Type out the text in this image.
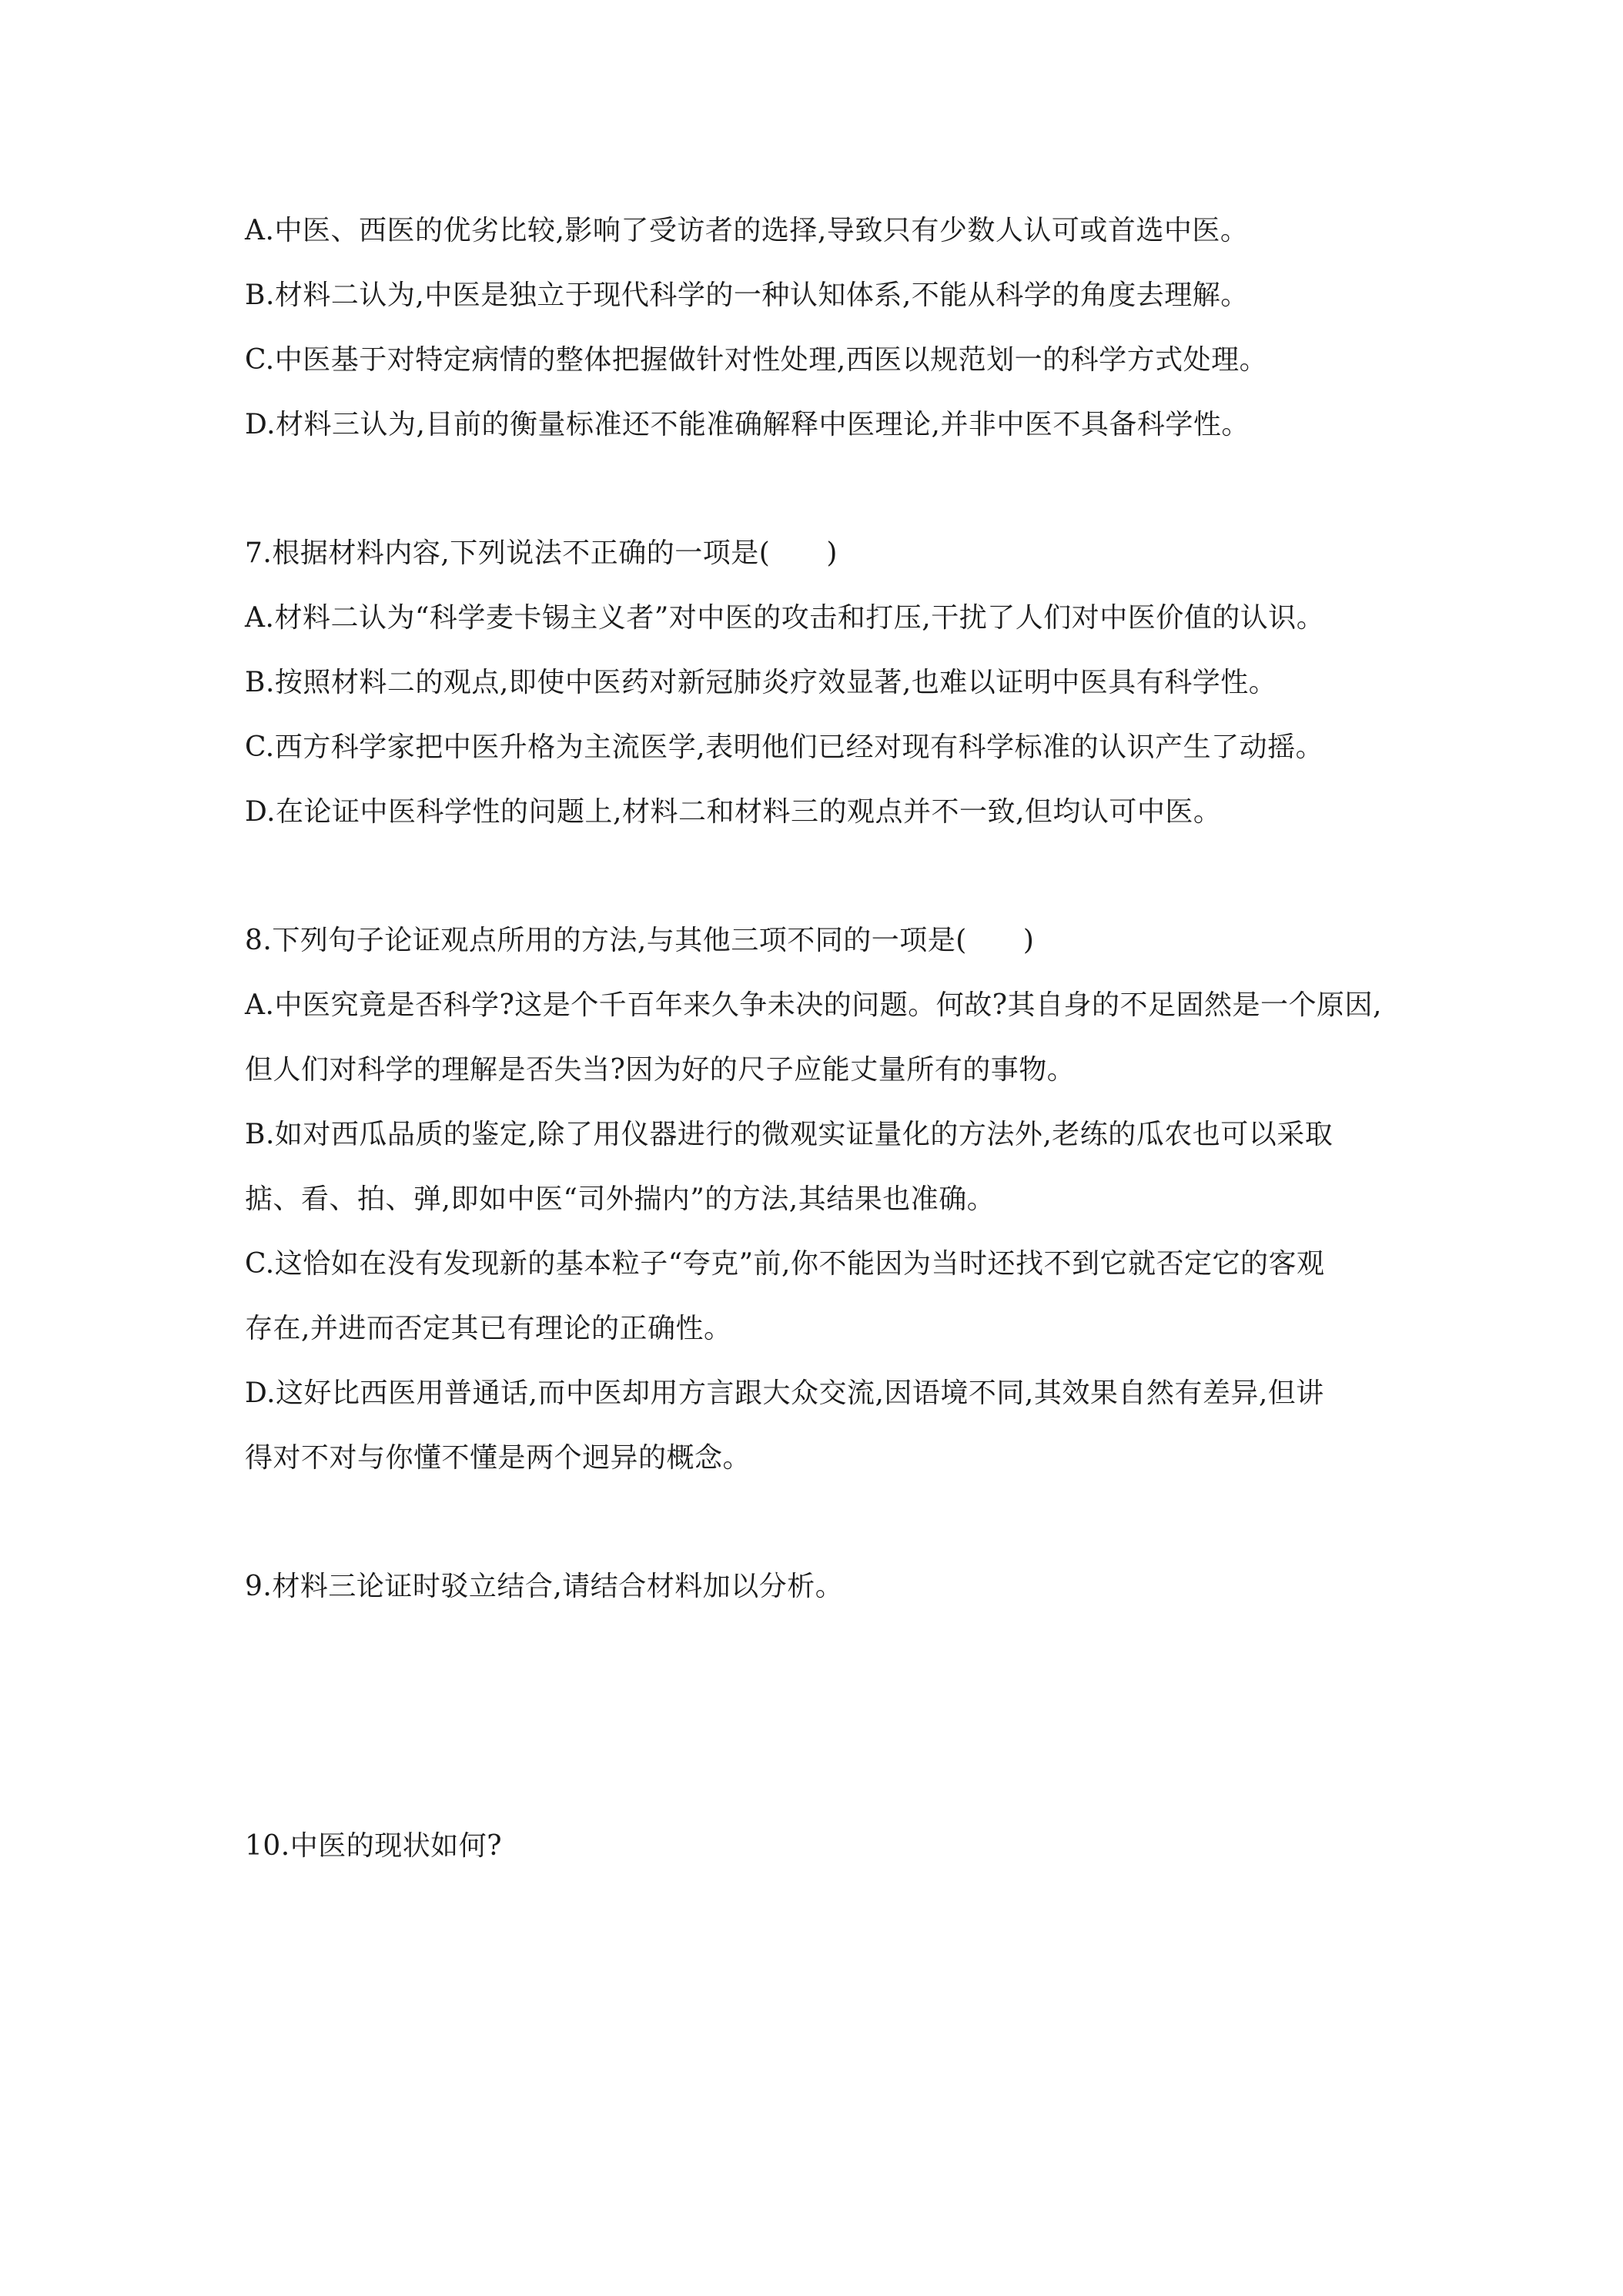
A.中医、西医的优劣比较,影响了受访者的选择,导致只有少数人认可或首选中医。
B.材料二认为,中医是独立于现代科学的一种认知体系,不能从科学的角度去理解。
C.中医基于对特定病情的整体把握做针对性处理,西医以规范划一的科学方式处理。
D.材料三认为,目前的衡量标准还不能准确解释中医理论,并非中医不具备科学性。
7.根据材料内容,下列说法不正确的一项是(　　)
A.材料二认为“科学麦卡锡主义者”对中医的攻击和打压,干扰了人们对中医价值的认识。
B.按照材料二的观点,即使中医药对新冠肺炎疗效显著,也难以证明中医具有科学性。
C.西方科学家把中医升格为主流医学,表明他们已经对现有科学标准的认识产生了动摇。
D.在论证中医科学性的问题上,材料二和材料三的观点并不一致,但均认可中医。
8.下列句子论证观点所用的方法,与其他三项不同的一项是(　　)
A.中医究竟是否科学?这是个千百年来久争未决的问题。何故?其自身的不足固然是一个原因,
但人们对科学的理解是否失当?因为好的尺子应能丈量所有的事物。
B.如对西瓜品质的鉴定,除了用仪器进行的微观实证量化的方法外,老练的瓜农也可以采取
掂、看、拍、弹,即如中医“司外揣内”的方法,其结果也准确。
C.这恰如在没有发现新的基本粒子“夸克”前,你不能因为当时还找不到它就否定它的客观
存在,并进而否定其已有理论的正确性。
D.这好比西医用普通话,而中医却用方言跟大众交流,因语境不同,其效果自然有差异,但讲
得对不对与你懂不懂是两个迥异的概念。
9.材料三论证时驳立结合,请结合材料加以分析。
10.中医的现状如何?
